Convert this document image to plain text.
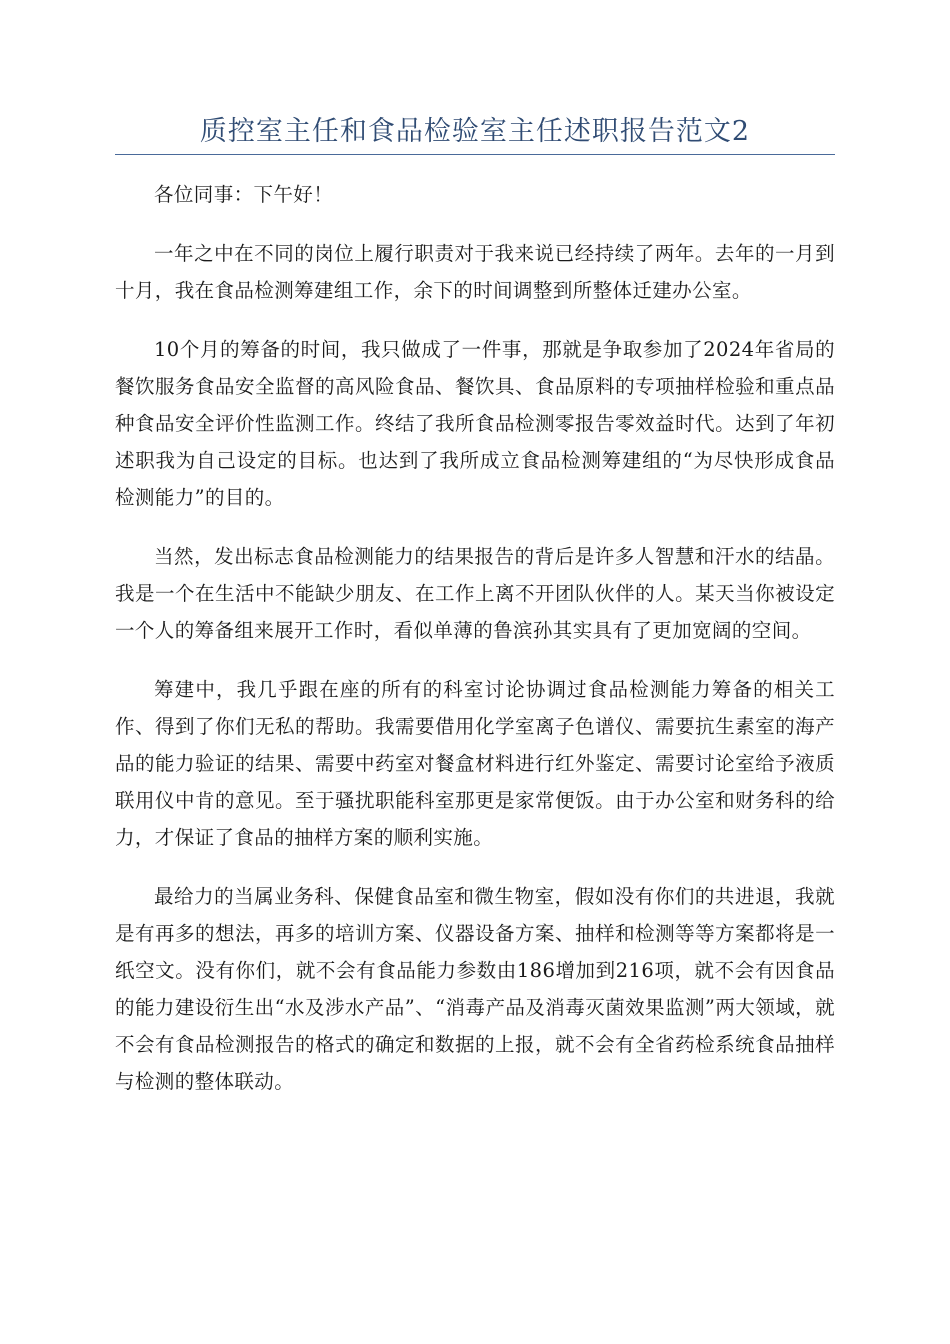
质控室主任和食品检验室主任述职报告范文2

各位同事：下午好！

一年之中在不同的岗位上履行职责对于我来说已经持续了两年。去年的一月到十月，我在食品检测筹建组工作，余下的时间调整到所整体迁建办公室。

10个月的筹备的时间，我只做成了一件事，那就是争取参加了2024年省局的餐饮服务食品安全监督的高风险食品、餐饮具、食品原料的专项抽样检验和重点品种食品安全评价性监测工作。终结了我所食品检测零报告零效益时代。达到了年初述职我为自己设定的目标。也达到了我所成立食品检测筹建组的“为尽快形成食品检测能力”的目的。

当然，发出标志食品检测能力的结果报告的背后是许多人智慧和汗水的结晶。我是一个在生活中不能缺少朋友、在工作上离不开团队伙伴的人。某天当你被设定一个人的筹备组来展开工作时，看似单薄的鲁滨孙其实具有了更加宽阔的空间。

筹建中，我几乎跟在座的所有的科室讨论协调过食品检测能力筹备的相关工作、得到了你们无私的帮助。我需要借用化学室离子色谱仪、需要抗生素室的海产品的能力验证的结果、需要中药室对餐盒材料进行红外鉴定、需要讨论室给予液质联用仪中肯的意见。至于骚扰职能科室那更是家常便饭。由于办公室和财务科的给力，才保证了食品的抽样方案的顺利实施。

最给力的当属业务科、保健食品室和微生物室，假如没有你们的共进退，我就是有再多的想法，再多的培训方案、仪器设备方案、抽样和检测等等方案都将是一纸空文。没有你们，就不会有食品能力参数由186增加到216项，就不会有因食品的能力建设衍生出“水及涉水产品”、“消毒产品及消毒灭菌效果监测”两大领域，就不会有食品检测报告的格式的确定和数据的上报，就不会有全省药检系统食品抽样与检测的整体联动。
